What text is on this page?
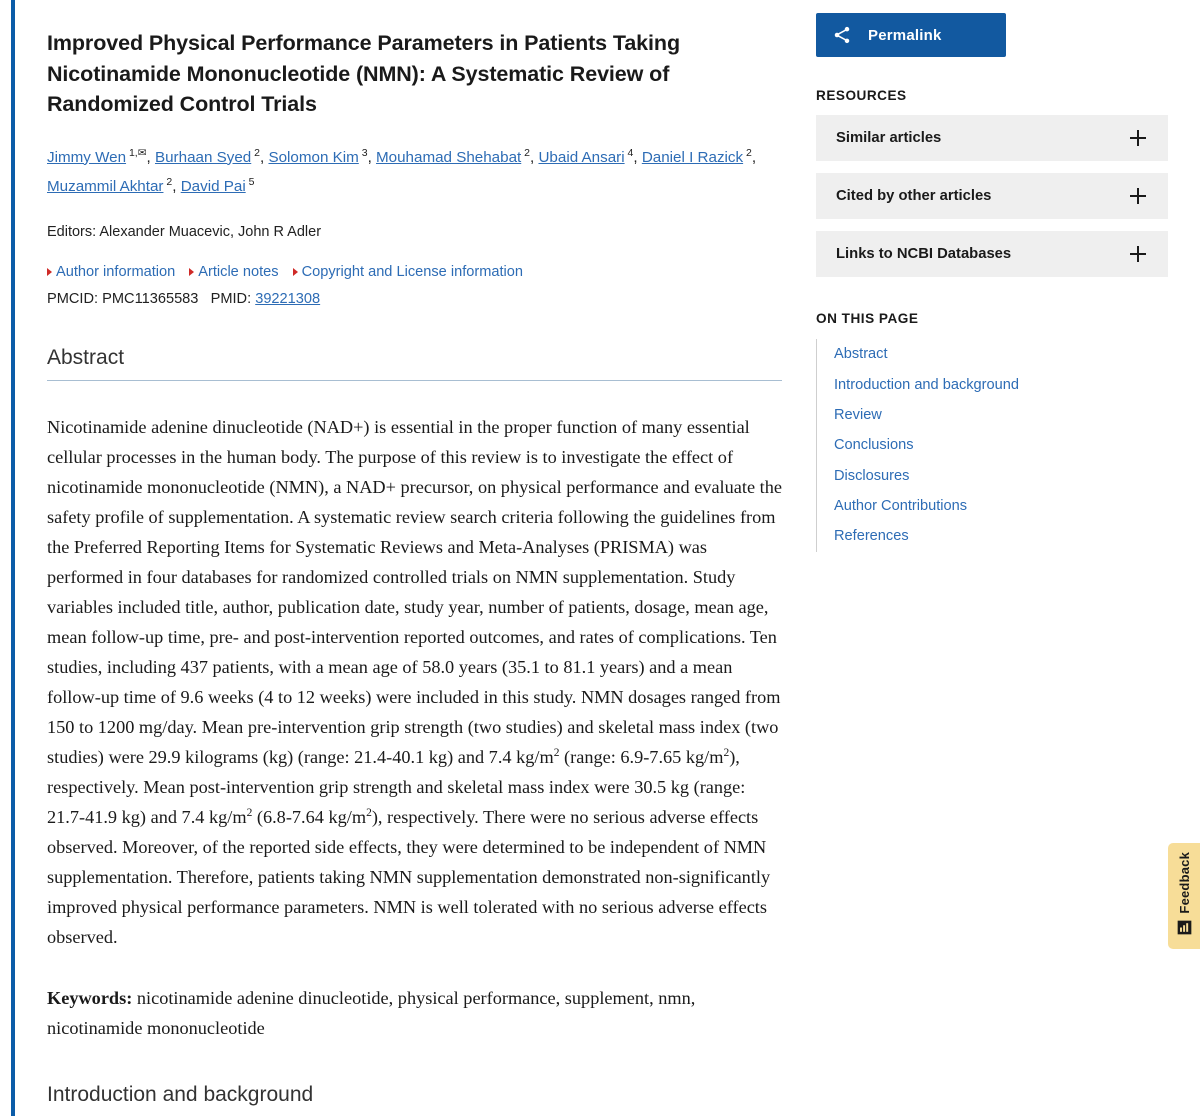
Improved Physical Performance Parameters in Patients Taking Nicotinamide Mononucleotide (NMN): A Systematic Review of Randomized Control Trials
Jimmy Wen $^{1,✉}$, Burhaan Syed $^2$, Solomon Kim $^3$, Mouhamad Shehabat $^2$, Ubaid Ansari $^4$, Daniel I Razick $^2$, Muzammil Akhtar $^2$, David Pai $^5$
Editors: Alexander Muacevic, John R Adler
Author information	Article notes	Copyright and License information
PMCID: PMC11365583 PMID: 39221308
Abstract
Nicotinamide adenine dinucleotide (NAD+) is essential in the proper function of many essential cellular processes in the human body. The purpose of this review is to investigate the effect of nicotinamide mononucleotide (NMN), a NAD+ precursor, on physical performance and evaluate the safety profile of supplementation. A systematic review search criteria following the guidelines from the Preferred Reporting Items for Systematic Reviews and Meta-Analyses (PRISMA) was performed in four databases for randomized controlled trials on NMN supplementation. Study variables included title, author, publication date, study year, number of patients, dosage, mean age, mean follow-up time, pre- and post-intervention reported outcomes, and rates of complications. Ten studies, including 437 patients, with a mean age of 58.0 years (35.1 to 81.1 years) and a mean follow-up time of 9.6 weeks (4 to 12 weeks) were included in this study. NMN dosages ranged from 150 to 1200 mg/day. Mean pre-intervention grip strength (two studies) and skeletal mass index (two studies) were 29.9 kilograms (kg) (range: 21.4-40.1 kg) and 7.4 $kg/m^2$ (range: 6.9-7.65 $kg/m^2$), respectively. Mean post-intervention grip strength and skeletal mass index were 30.5 kg (range: 21.7-41.9 kg) and 7.4 $kg/m^2$ (6.8-7.64 $kg/m^2$), respectively. There were no serious adverse effects observed. Moreover, of the reported side effects, they were determined to be independent of NMN supplementation. Therefore, patients taking NMN supplementation demonstrated non-significantly improved physical performance parameters. NMN is well tolerated with no serious adverse effects observed.
Keywords: nicotinamide adenine dinucleotide, physical performance, supplement, nmn, nicotinamide mononucleotide
Introduction and background
Permalink
RESOURCES
Similar articles
Cited by other articles
Links to NCBI Databases
ON THIS PAGE
Abstract
Introduction and background
Review
Conclusions
Disclosures
Author Contributions
References
Feedback
